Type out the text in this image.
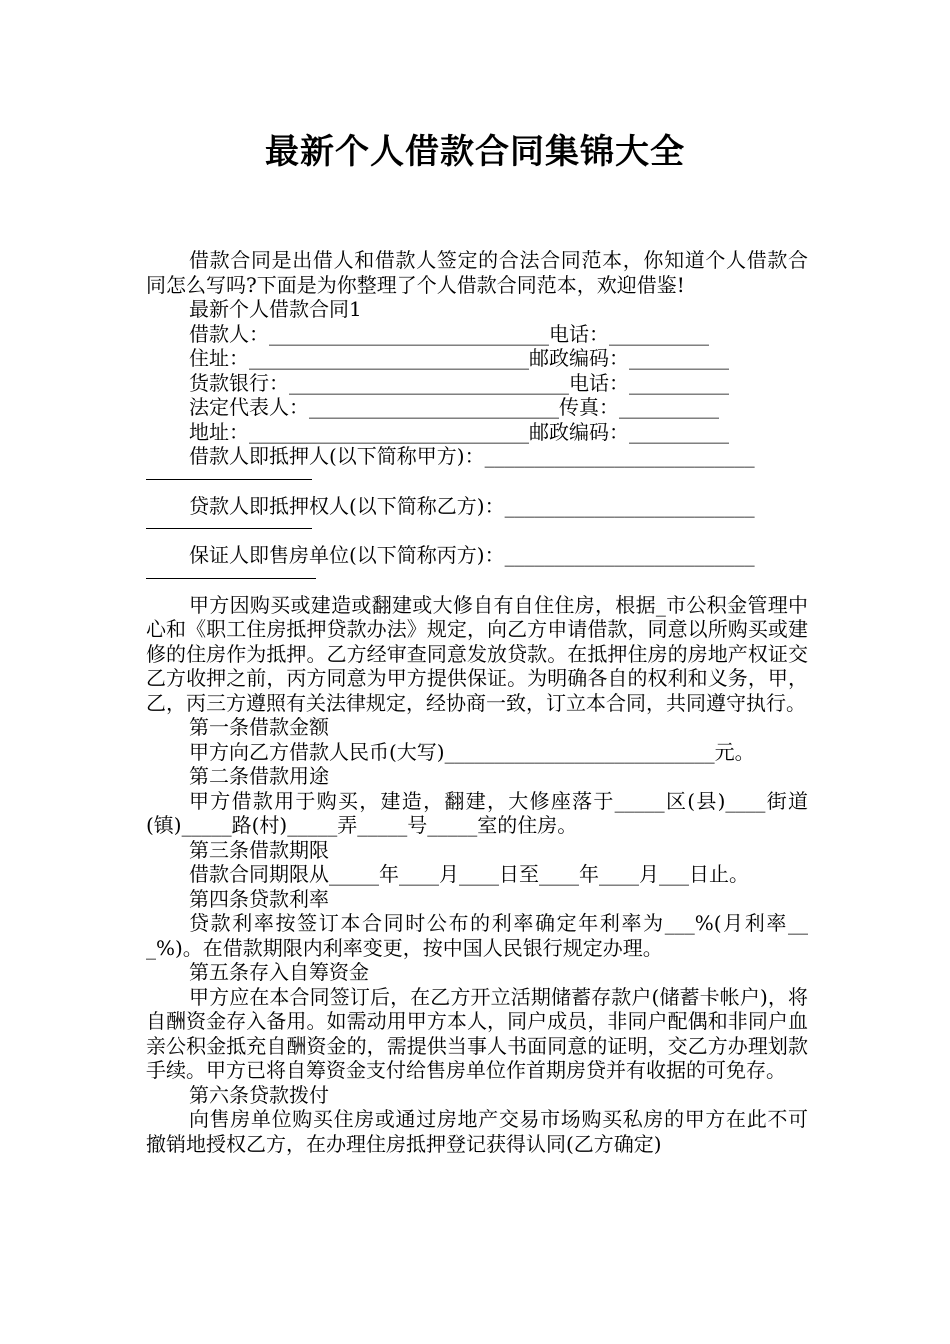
最新个人借款合同集锦大全

借款合同是出借人和借款人签定的合法合同范本，你知道个人借款合同怎么写吗?下面是为你整理了个人借款合同范本，欢迎借鉴!

最新个人借款合同1

借款人：____________________________电话：__________

住址：____________________________邮政编码：__________

货款银行：____________________________电话：__________

法定代表人：_________________________传真：__________

地址：____________________________邮政编码：__________

借款人即抵押人(以下简称甲方)：___________________________

贷款人即抵押权人(以下简称乙方)：_________________________

保证人即售房单位(以下简称丙方)：_________________________

甲方因购买或建造或翻建或大修自有自住住房，根据_市公积金管理中心和《职工住房抵押贷款办法》规定，向乙方申请借款，同意以所购买或建修的住房作为抵押。乙方经审查同意发放贷款。在抵押住房的房地产权证交乙方收押之前，丙方同意为甲方提供保证。为明确各自的权利和义务，甲，乙，丙三方遵照有关法律规定，经协商一致，订立本合同，共同遵守执行。

第一条借款金额

甲方向乙方借款人民币(大写)___________________________元。

第二条借款用途

甲方借款用于购买，建造，翻建，大修座落于_____区(县)____街道(镇)_____路(村)_____弄_____号_____室的住房。

第三条借款期限

借款合同期限从_____年____月____日至____年____月___日止。

第四条贷款利率

贷款利率按签订本合同时公布的利率确定年利率为___%(月利率___%)。在借款期限内利率变更，按中国人民银行规定办理。

第五条存入自筹资金

甲方应在本合同签订后，在乙方开立活期储蓄存款户(储蓄卡帐户)，将自酬资金存入备用。如需动用甲方本人，同户成员，非同户配偶和非同户血亲公积金抵充自酬资金的，需提供当事人书面同意的证明，交乙方办理划款手续。甲方已将自筹资金支付给售房单位作首期房贷并有收据的可免存。

第六条贷款拨付

向售房单位购买住房或通过房地产交易市场购买私房的甲方在此不可撤销地授权乙方，在办理住房抵押登记获得认同(乙方确定)
